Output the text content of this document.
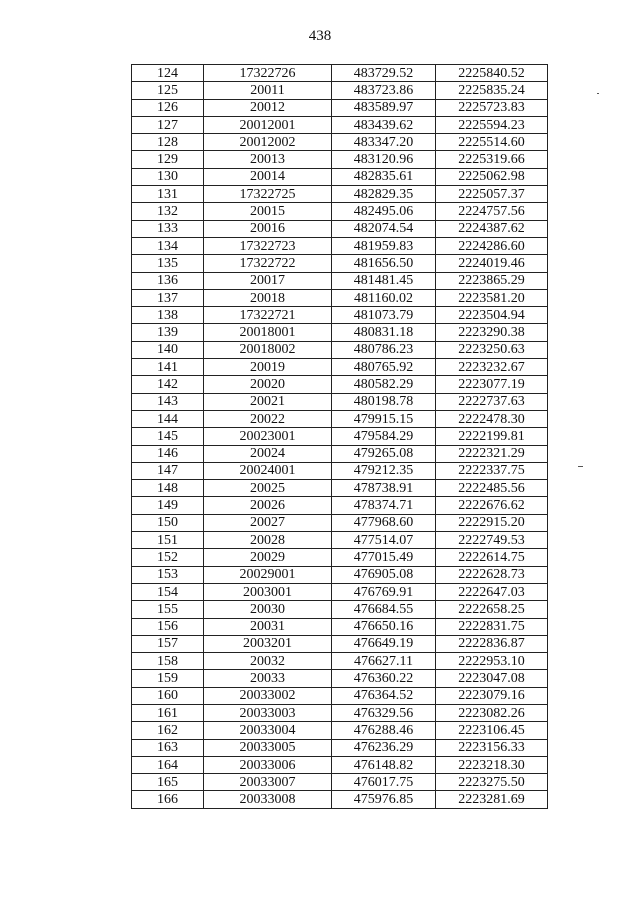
438
124	17322726	483729.52	2225840.52
125	20011	483723.86	2225835.24
126	20012	483589.97	2225723.83
127	20012001	483439.62	2225594.23
128	20012002	483347.20	2225514.60
129	20013	483120.96	2225319.66
130	20014	482835.61	2225062.98
131	17322725	482829.35	2225057.37
132	20015	482495.06	2224757.56
133	20016	482074.54	2224387.62
134	17322723	481959.83	2224286.60
135	17322722	481656.50	2224019.46
136	20017	481481.45	2223865.29
137	20018	481160.02	2223581.20
138	17322721	481073.79	2223504.94
139	20018001	480831.18	2223290.38
140	20018002	480786.23	2223250.63
141	20019	480765.92	2223232.67
142	20020	480582.29	2223077.19
143	20021	480198.78	2222737.63
144	20022	479915.15	2222478.30
145	20023001	479584.29	2222199.81
146	20024	479265.08	2222321.29
147	20024001	479212.35	2222337.75
148	20025	478738.91	2222485.56
149	20026	478374.71	2222676.62
150	20027	477968.60	2222915.20
151	20028	477514.07	2222749.53
152	20029	477015.49	2222614.75
153	20029001	476905.08	2222628.73
154	2003001	476769.91	2222647.03
155	20030	476684.55	2222658.25
156	20031	476650.16	2222831.75
157	2003201	476649.19	2222836.87
158	20032	476627.11	2222953.10
159	20033	476360.22	2223047.08
160	20033002	476364.52	2223079.16
161	20033003	476329.56	2223082.26
162	20033004	476288.46	2223106.45
163	20033005	476236.29	2223156.33
164	20033006	476148.82	2223218.30
165	20033007	476017.75	2223275.50
166	20033008	475976.85	2223281.69
